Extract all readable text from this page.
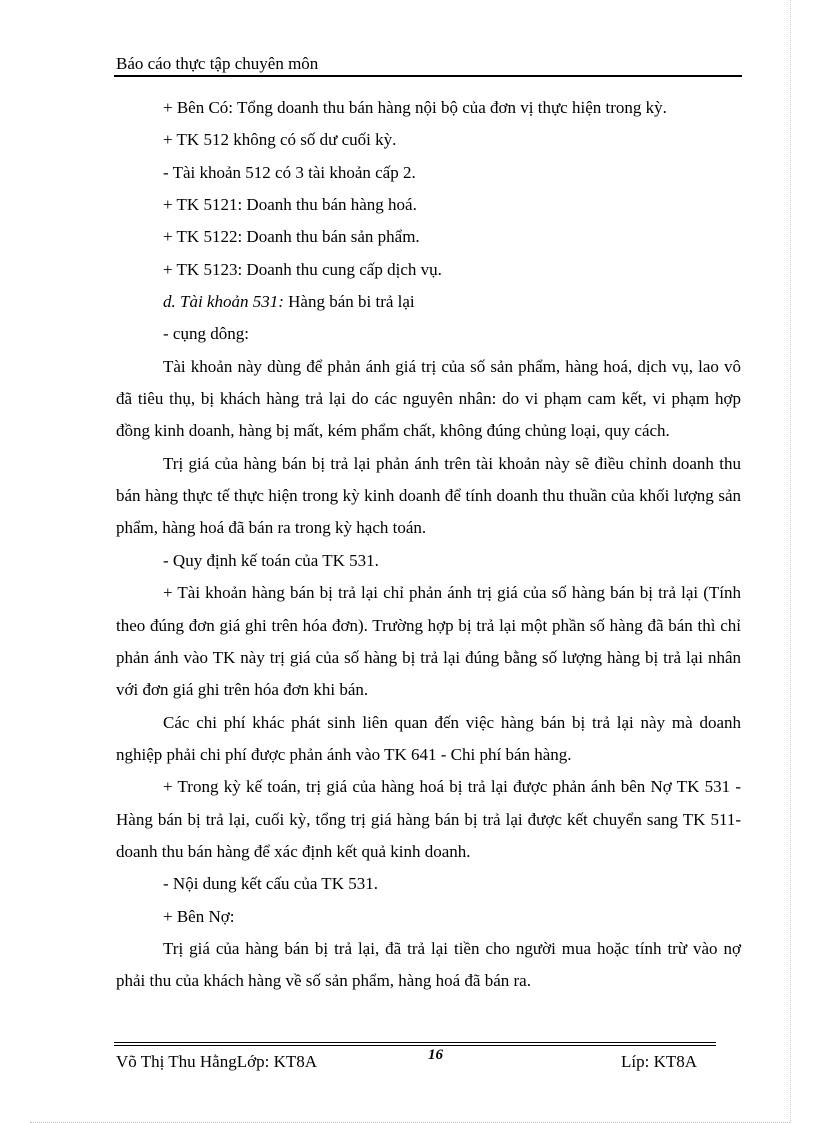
Báo cáo thực tập chuyên môn

+ Bên Có: Tổng doanh thu bán hàng nội bộ của đơn vị thực hiện trong kỳ.

+ TK 512 không có số dư cuối kỳ.

- Tài khoản 512 có 3 tài khoản cấp 2.

+ TK 5121: Doanh thu bán hàng hoá.

+ TK 5122: Doanh thu bán sản phẩm.

+ TK 5123: Doanh thu cung cấp dịch vụ.

d. Tài khoản 531: Hàng bán bi trả lại

- cụng dông:

Tài khoản này dùng để phản ánh giá trị của số sản phẩm, hàng hoá, dịch vụ, lao vô đã tiêu thụ, bị khách hàng trả lại do các nguyên nhân: do vi phạm cam kết, vi phạm hợp đồng kinh doanh, hàng bị mất, kém phẩm chất, không đúng chủng loại, quy cách.

Trị giá của hàng bán bị trả lại phản ánh trên tài khoản này sẽ điều chỉnh doanh thu bán hàng thực tế thực hiện trong kỳ kinh doanh để tính doanh thu thuần của khối lượng sản phẩm, hàng hoá đã bán ra trong kỳ hạch toán.

- Quy định kế toán của TK 531.

+ Tài khoản hàng bán bị trả lại chỉ phản ánh trị giá của số hàng bán bị trả lại (Tính theo đúng đơn giá ghi trên hóa đơn). Trường hợp bị trả lại một phần số hàng đã bán thì chỉ phản ánh vào TK này trị giá của số hàng bị trả lại đúng bằng số lượng hàng bị trả lại nhân với đơn giá ghi trên hóa đơn khi bán.

Các chi phí khác phát sinh liên quan đến việc hàng bán bị trả lại này mà doanh nghiệp phải chi phí được phản ánh vào TK 641 - Chi phí bán hàng.

+ Trong kỳ kế toán, trị giá của hàng hoá bị trả lại được phản ánh bên Nợ TK 531 - Hàng bán bị trả lại, cuối kỳ, tổng trị giá hàng bán bị trả lại được kết chuyển sang TK 511- doanh thu bán hàng để xác định kết quả kinh doanh.

- Nội dung kết cấu của TK 531.

+ Bên Nợ:

Trị giá của hàng bán bị trả lại, đã trả lại tiền cho người mua hoặc tính trừ vào nợ phải thu của khách hàng về số sản phẩm, hàng hoá đã bán ra.

Võ Thị Thu HằngLớp: KT8A	16	Líp: KT8A
